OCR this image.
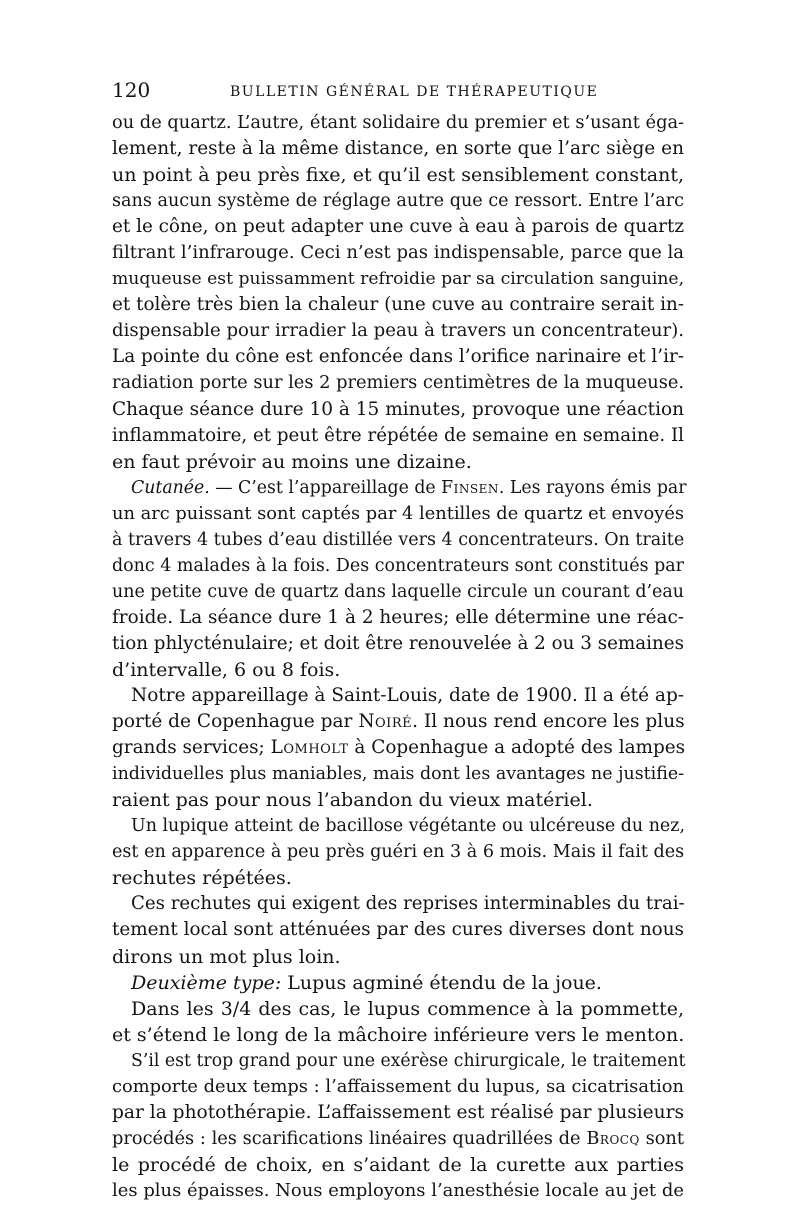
120	BULLETIN GÉNÉRAL DE THÉRAPEUTIQUE
ou de quartz. L’autre, étant solidaire du premier et s’usant éga-
lement, reste à la même distance, en sorte que l’arc siège en
un point à peu près fixe, et qu’il est sensiblement constant,
sans aucun système de réglage autre que ce ressort. Entre l’arc
et le cône, on peut adapter une cuve à eau à parois de quartz
filtrant l’infrarouge. Ceci n’est pas indispensable, parce que la
muqueuse est puissamment refroidie par sa circulation sanguine,
et tolère très bien la chaleur (une cuve au contraire serait in-
dispensable pour irradier la peau à travers un concentrateur).
La pointe du cône est enfoncée dans l’orifice narinaire et l’ir-
radiation porte sur les 2 premiers centimètres de la muqueuse.
Chaque séance dure 10 à 15 minutes, provoque une réaction
inflammatoire, et peut être répétée de semaine en semaine. Il
en faut prévoir au moins une dizaine.
Cutanée. — C’est l’appareillage de Finsen. Les rayons émis par
un arc puissant sont captés par 4 lentilles de quartz et envoyés
à travers 4 tubes d’eau distillée vers 4 concentrateurs. On traite
donc 4 malades à la fois. Des concentrateurs sont constitués par
une petite cuve de quartz dans laquelle circule un courant d’eau
froide. La séance dure 1 à 2 heures; elle détermine une réac-
tion phlycténulaire; et doit être renouvelée à 2 ou 3 semaines
d’intervalle, 6 ou 8 fois.
Notre appareillage à Saint-Louis, date de 1900. Il a été ap-
porté de Copenhague par Noiré. Il nous rend encore les plus
grands services; Lomholt à Copenhague a adopté des lampes
individuelles plus maniables, mais dont les avantages ne justifie-
raient pas pour nous l’abandon du vieux matériel.
Un lupique atteint de bacillose végétante ou ulcéreuse du nez,
est en apparence à peu près guéri en 3 à 6 mois. Mais il fait des
rechutes répétées.
Ces rechutes qui exigent des reprises interminables du trai-
tement local sont atténuées par des cures diverses dont nous
dirons un mot plus loin.
Deuxième type: Lupus agminé étendu de la joue.
Dans les 3/4 des cas, le lupus commence à la pommette,
et s’étend le long de la mâchoire inférieure vers le menton.
S’il est trop grand pour une exérèse chirurgicale, le traitement
comporte deux temps : l’affaissement du lupus, sa cicatrisation
par la photothérapie. L’affaissement est réalisé par plusieurs
procédés : les scarifications linéaires quadrillées de Brocq sont
le procédé de choix, en s’aidant de la curette aux parties
les plus épaisses. Nous employons l’anesthésie locale au jet de
